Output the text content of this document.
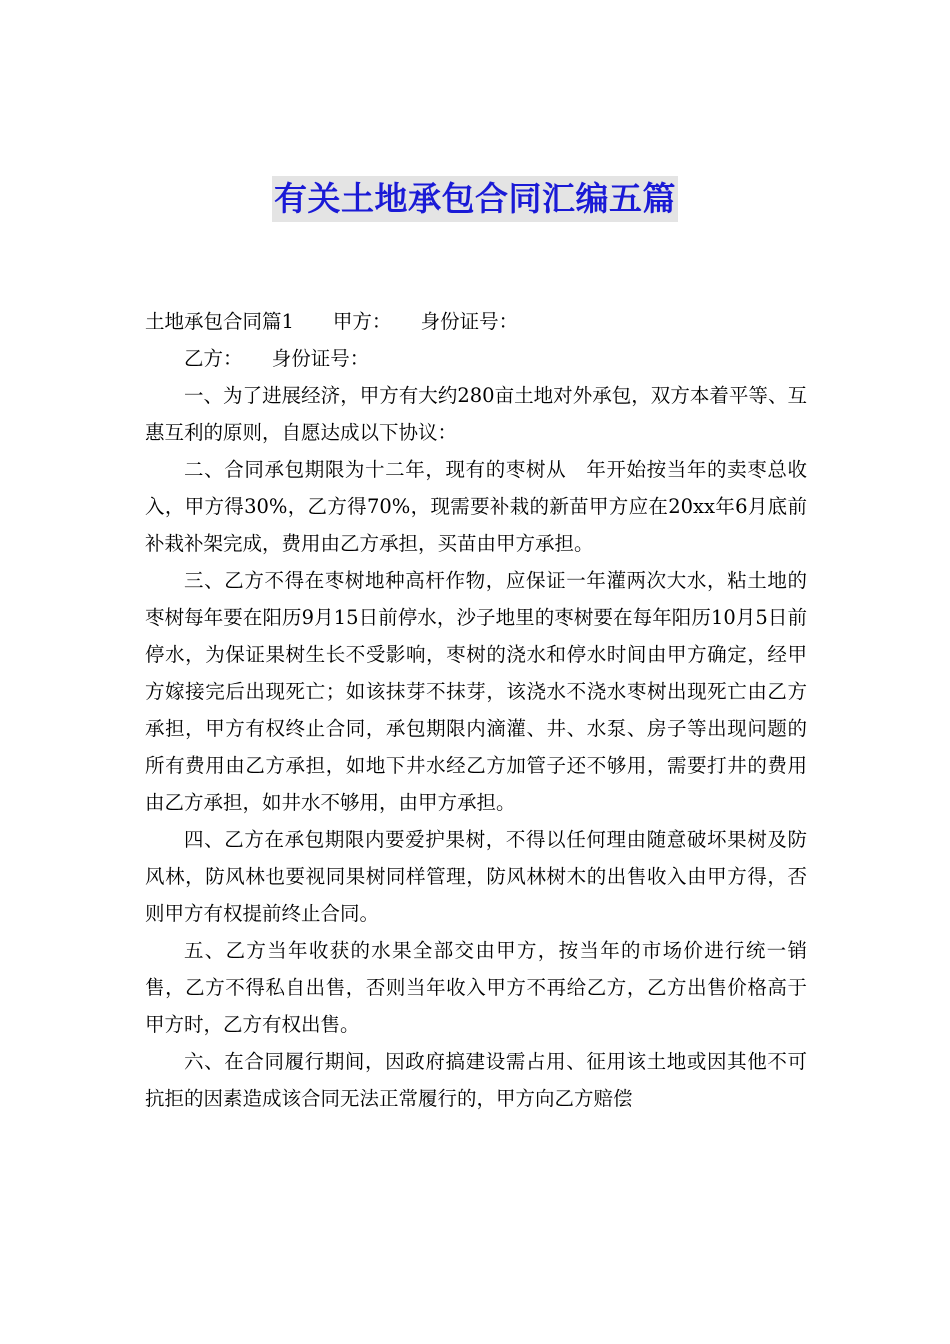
有关土地承包合同汇编五篇

土地承包合同篇1　　甲方：　　身份证号：

乙方：　　身份证号：

一、为了进展经济，甲方有大约280亩土地对外承包，双方本着平等、互惠互利的原则，自愿达成以下协议：

二、合同承包期限为十二年，现有的枣树从　年开始按当年的卖枣总收入，甲方得30%，乙方得70%，现需要补栽的新苗甲方应在20xx年6月底前补栽补架完成，费用由乙方承担，买苗由甲方承担。

三、乙方不得在枣树地种高杆作物，应保证一年灌两次大水，粘土地的枣树每年要在阳历9月15日前停水，沙子地里的枣树要在每年阳历10月5日前停水，为保证果树生长不受影响，枣树的浇水和停水时间由甲方确定，经甲方嫁接完后出现死亡；如该抹芽不抹芽，该浇水不浇水枣树出现死亡由乙方承担，甲方有权终止合同，承包期限内滴灌、井、水泵、房子等出现问题的所有费用由乙方承担，如地下井水经乙方加管子还不够用，需要打井的费用由乙方承担，如井水不够用，由甲方承担。

四、乙方在承包期限内要爱护果树，不得以任何理由随意破坏果树及防风林，防风林也要视同果树同样管理，防风林树木的出售收入由甲方得，否则甲方有权提前终止合同。

五、乙方当年收获的水果全部交由甲方，按当年的市场价进行统一销售，乙方不得私自出售，否则当年收入甲方不再给乙方，乙方出售价格高于甲方时，乙方有权出售。

六、在合同履行期间，因政府搞建设需占用、征用该土地或因其他不可抗拒的因素造成该合同无法正常履行的，甲方向乙方赔偿
